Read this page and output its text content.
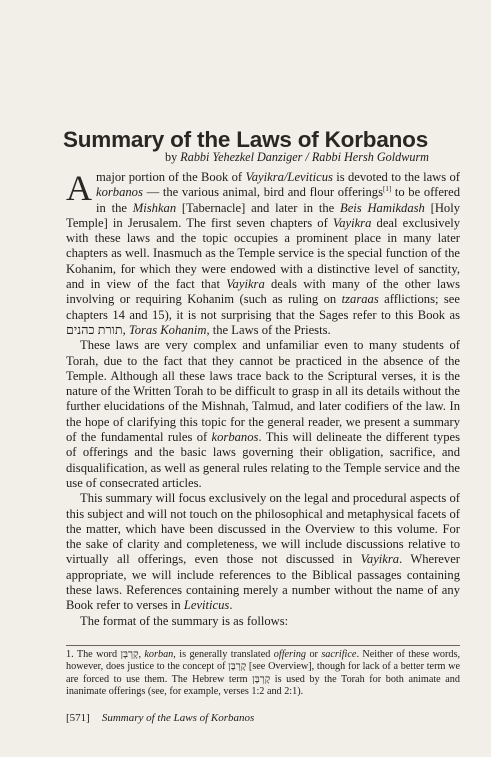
Summary of the Laws of Korbanos
by Rabbi Yehezkel Danziger / Rabbi Hersh Goldwurm

A major portion of the Book of Vayikra/Leviticus is devoted to the laws of korbanos — the various animal, bird and flour offerings[1] to be offered in the Mishkan [Tabernacle] and later in the Beis Hamikdash [Holy Temple] in Jerusalem. The first seven chapters of Vayikra deal exclusively with these laws and the topic occupies a prominent place in many later chapters as well. Inasmuch as the Temple service is the special function of the Kohanim, for which they were endowed with a distinctive level of sanctity, and in view of the fact that Vayikra deals with many of the other laws involving or requiring Kohanim (such as ruling on tzaraas afflictions; see chapters 14 and 15), it is not surprising that the Sages refer to this Book as תורת כהנים, Toras Kohanim, the Laws of the Priests.

These laws are very complex and unfamiliar even to many students of Torah, due to the fact that they cannot be practiced in the absence of the Temple. Although all these laws trace back to the Scriptural verses, it is the nature of the Written Torah to be difficult to grasp in all its details without the further elucidations of the Mishnah, Talmud, and later codifiers of the law. In the hope of clarifying this topic for the general reader, we present a summary of the fundamental rules of korbanos. This will delineate the different types of offerings and the basic laws governing their obligation, sacrifice, and disqualification, as well as general rules relating to the Temple service and the use of consecrated articles.

This summary will focus exclusively on the legal and procedural aspects of this subject and will not touch on the philosophical and metaphysical facets of the matter, which have been discussed in the Overview to this volume. For the sake of clarity and completeness, we will include discussions relative to virtually all offerings, even those not discussed in Vayikra. Wherever appropriate, we will include references to the Biblical passages containing these laws. References containing merely a number without the name of any Book refer to verses in Leviticus.

The format of the summary is as follows:

1. The word קָרְבָּן, korban, is generally translated offering or sacrifice. Neither of these words, however, does justice to the concept of קָרְבָּן [see Overview], though for lack of a better term we are forced to use them. The Hebrew term קָרְבָּן is used by the Torah for both animate and inanimate offerings (see, for example, verses 1:2 and 2:1).
[571] Summary of the Laws of Korbanos
